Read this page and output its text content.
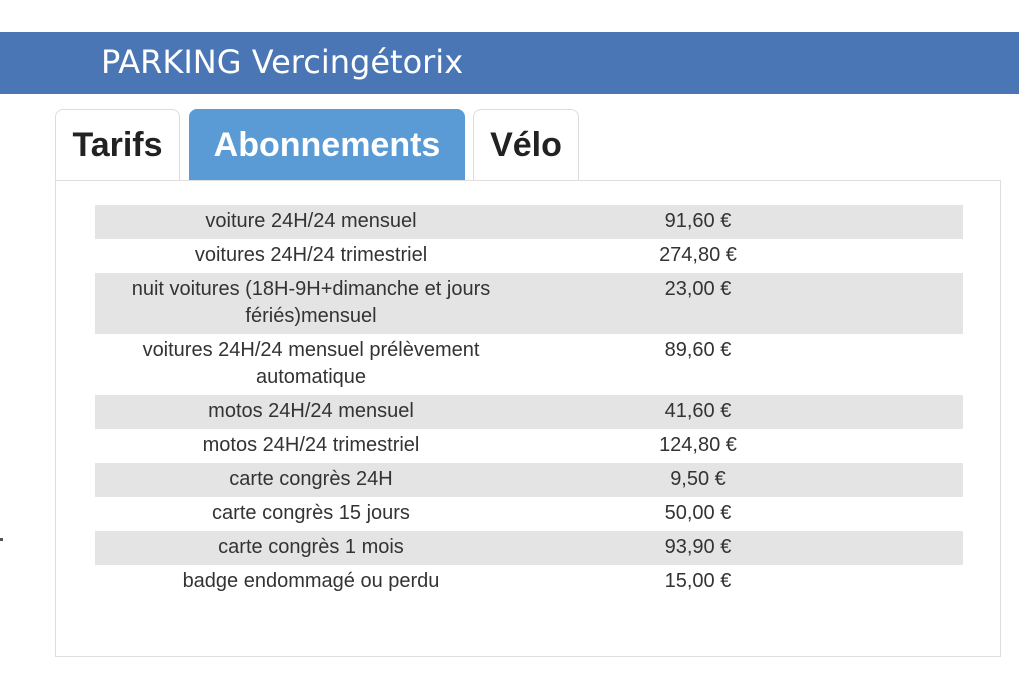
PARKING Vercingétorix
Tarifs	Abonnements	Vélo
voiture 24H/24 mensuel	91,60 €
voitures 24H/24 trimestriel	274,80 €
nuit voitures (18H-9H+dimanche et jours fériés)mensuel	23,00 €
voitures 24H/24 mensuel prélèvement automatique	89,60 €
motos 24H/24 mensuel	41,60 €
motos 24H/24 trimestriel	124,80 €
carte congrès 24H	9,50 €
carte congrès 15 jours	50,00 €
carte congrès 1 mois	93,90 €
badge endommagé ou perdu	15,00 €
